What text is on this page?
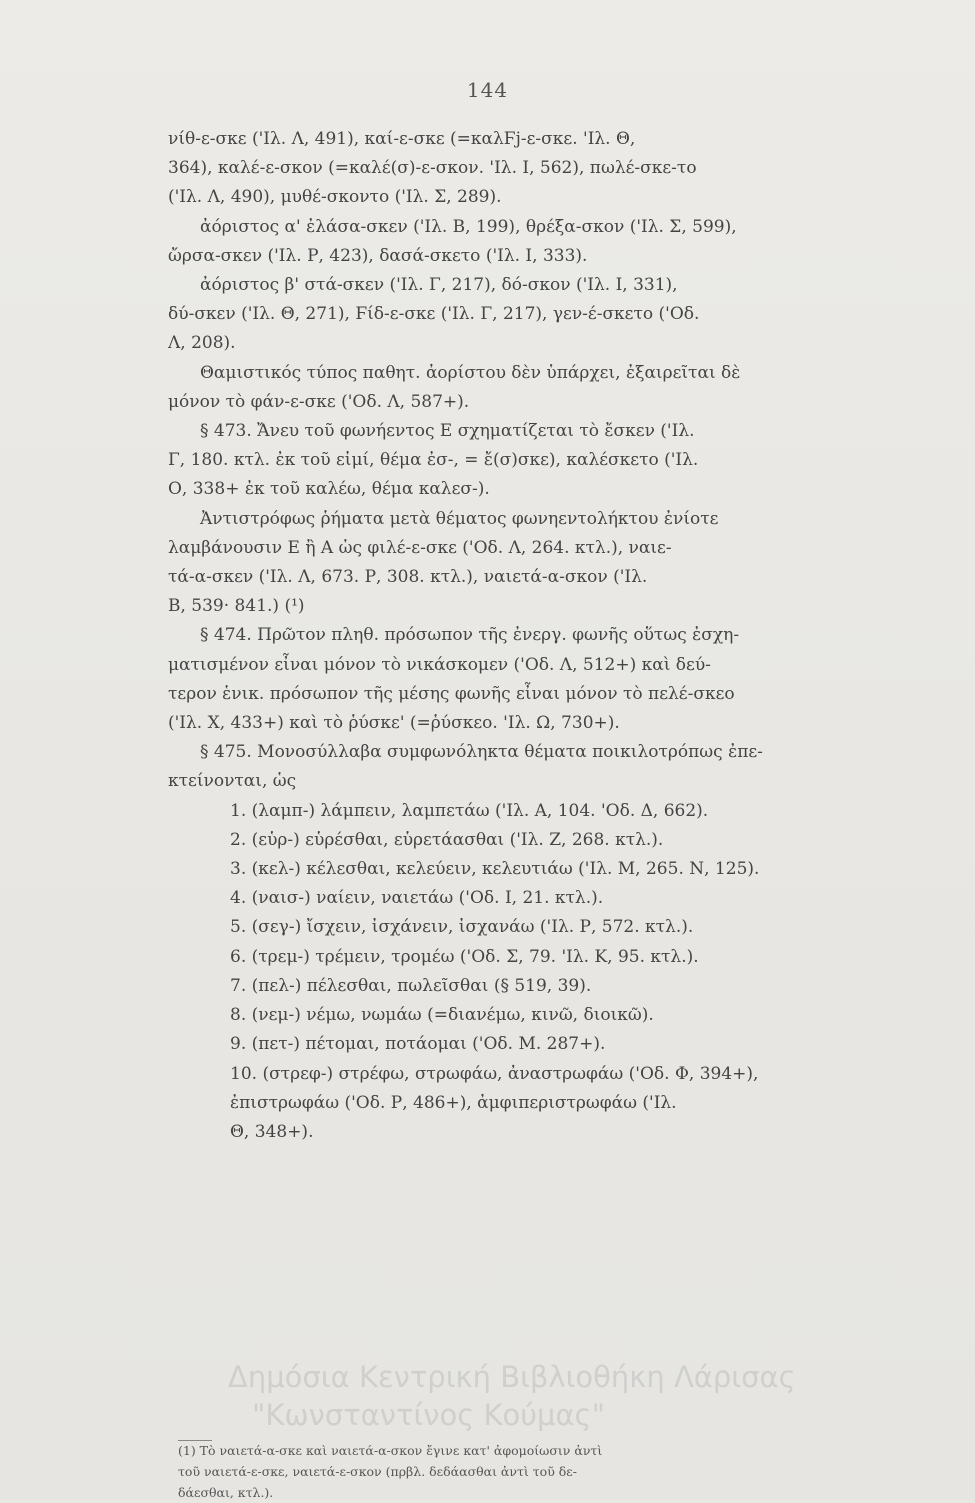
144
νίθ-ε-σκε ('Ιλ. Λ, 491), καί-ε-σκε (=καλϜj-ε-σκε. 'Ιλ. Θ,
364), καλέ-ε-σκον (=καλέ(σ)-ε-σκον. 'Ιλ. Ι, 562), πωλέ-σκε-το
('Ιλ. Λ, 490), μυθέ-σκοντο ('Ιλ. Σ, 289).
ἀόριστος α' ἐλάσα-σκεν ('Ιλ. Β, 199), θρέξα-σκον ('Ιλ. Σ, 599),
ὤρσα-σκεν ('Ιλ. Ρ, 423), δασά-σκετο ('Ιλ. Ι, 333).
ἀόριστος β' στά-σκεν ('Ιλ. Γ, 217), δό-σκον ('Ιλ. Ι, 331),
δύ-σκεν ('Ιλ. Θ, 271), Ϝίδ-ε-σκε ('Ιλ. Γ, 217), γεν-έ-σκετο ('Οδ.
Λ, 208).
Θαμιστικός τύπος παθητ. ἀορίστου δὲν ὑπάρχει, ἐξαιρεῖται δὲ
μόνον τὸ φάν-ε-σκε ('Οδ. Λ, 587+).
§ 473. Ἄνευ τοῦ φωνήεντος Ε σχηματίζεται τὸ ἔσκεν ('Ιλ.
Γ, 180. κτλ. ἐκ τοῦ εἰμί, θέμα ἐσ-, = ἔ(σ)σκε), καλέσκετο ('Ιλ.
Ο, 338+ ἐκ τοῦ καλέω, θέμα καλεσ-).
Ἀντιστρόφως ῥήματα μετὰ θέματος φωνηεντολήκτου ἐνίοτε
λαμβάνουσιν Ε ἢ Α ὡς φιλέ-ε-σκε ('Οδ. Λ, 264. κτλ.), ναιε-
τά-α-σκεν ('Ιλ. Λ, 673. Ρ, 308. κτλ.), ναιετά-α-σκον ('Ιλ.
Β, 539· 841.) (¹)
§ 474. Πρῶτον πληθ. πρόσωπον τῆς ἐνεργ. φωνῆς οὕτως ἐσχη-
ματισμένον εἶναι μόνον τὸ νικάσκομεν ('Οδ. Λ, 512+) καὶ δεύ-
τερον ἑνικ. πρόσωπον τῆς μέσης φωνῆς εἶναι μόνον τὸ πελέ-σκεο
('Ιλ. Χ, 433+) καὶ τὸ ῥύσκε' (=ῥύσκεο. 'Ιλ. Ω, 730+).
§ 475. Μονοσύλλαβα συμφωνόληκτα θέματα ποικιλοτρόπως ἐπε-
κτείνονται, ὡς
1. (λαμπ-) λάμπειν, λαμπετάω ('Ιλ. Α, 104. 'Οδ. Δ, 662).
2. (εὑρ-) εὑρέσθαι, εὑρετάασθαι ('Ιλ. Ζ, 268. κτλ.).
3. (κελ-) κέλεσθαι, κελεύειν, κελευτιάω ('Ιλ. Μ, 265. Ν, 125).
4. (ναισ-) ναίειν, ναιετάω ('Οδ. Ι, 21. κτλ.).
5. (σεγ-) ἴσχειν, ἰσχάνειν, ἰσχανάω ('Ιλ. Ρ, 572. κτλ.).
6. (τρεμ-) τρέμειν, τρομέω ('Οδ. Σ, 79. 'Ιλ. Κ, 95. κτλ.).
7. (πελ-) πέλεσθαι, πωλεῖσθαι (§ 519, 39).
8. (νεμ-) νέμω, νωμάω (=διανέμω, κινῶ, διοικῶ).
9. (πετ-) πέτομαι, ποτάομαι ('Οδ. Μ. 287+).
10. (στρεφ-) στρέφω, στρωφάω, ἀναστρωφάω ('Οδ. Φ, 394+),
ἐπιστρωφάω ('Οδ. Ρ, 486+), ἀμφιπεριστρωφάω ('Ιλ.
Θ, 348+).
(1) Τὸ ναιετά-α-σκε καὶ ναιετά-α-σκον ἔγινε κατ' ἀφομοίωσιν ἀντὶ
τοῦ ναιετά-ε-σκε, ναιετά-ε-σκον (πρβλ. δεδάασθαι ἀντὶ τοῦ δε-
δάεσθαι, κτλ.).
Δημόσια Κεντρική Βιβλιοθήκη Λάρισας
"Κωνσταντίνος Κούμας"
